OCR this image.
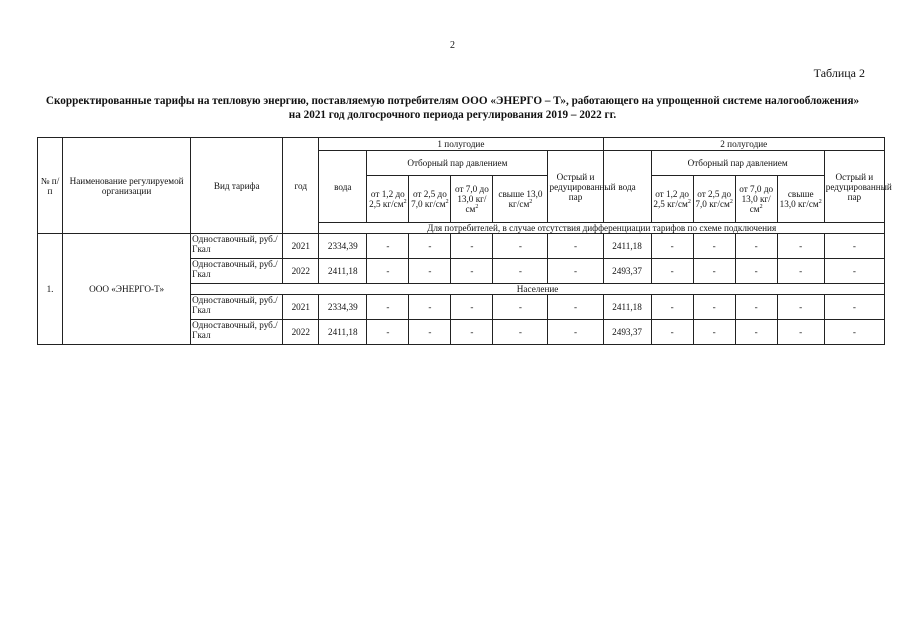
2
Таблица 2
Скорректированные тарифы на тепловую энергию, поставляемую потребителям ООО «ЭНЕРГО – Т», работающего на упрощенной системе налогообложения» на 2021 год долгосрочного периода регулирования 2019 – 2022 гг.
№ п/п	Наименование регулируемой организации	Вид тарифа	год	1 полугодие						2 полугодие					
				вода	Отборный пар давлением				Острый и редуцированный пар	вода	Отборный пар давлением				Острый и редуцированный пар
					от 1,2 до 2,5 $кг/см^2$	от 2,5 до 7,0 $кг/см^2$	от 7,0 до 13,0 $кг/см^2$	свыше 13,0 $кг/см^2$			от 1,2 до 2,5 $кг/см^2$	от 2,5 до 7,0 $кг/см^2$	от 7,0 до 13,0 $кг/см^2$	свыше 13,0 $кг/см^2$
				Для потребителей, в случае отсутствия дифференциации тарифов по схеме подключения											
1.	ООО «ЭНЕРГО-Т»	Одноставочный, руб./Гкал	2021	2334,39	-	-	-	-	-	2411,18	-	-	-	-	-
		Одноставочный, руб./Гкал	2022	2411,18	-	-	-	-	-	2493,37	-	-	-	-	-
		Население													
		Одноставочный, руб./Гкал	2021	2334,39	-	-	-	-	-	2411,18	-	-	-	-	-
		Одноставочный, руб./Гкал	2022	2411,18	-	-	-	-	-	2493,37	-	-	-	-	-
